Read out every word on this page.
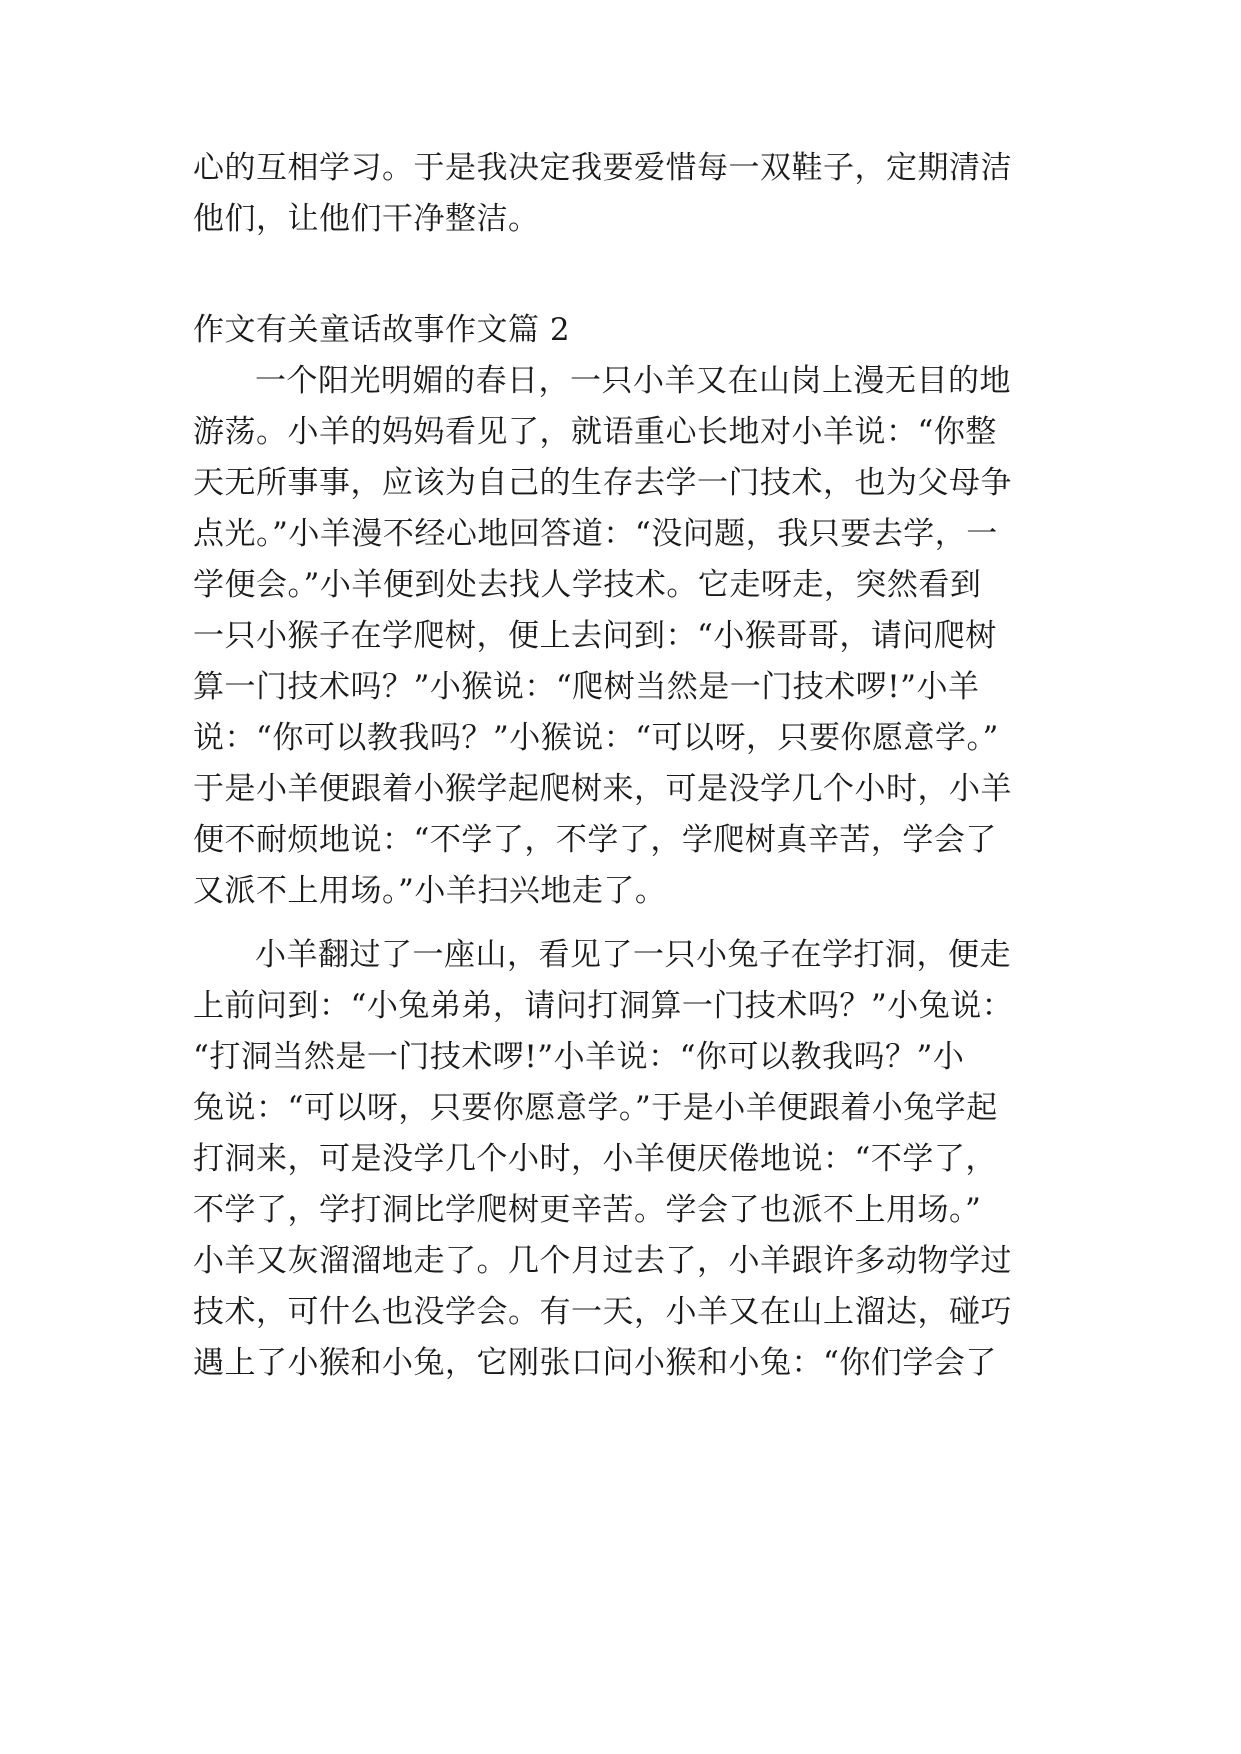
心的互相学习。于是我决定我要爱惜每一双鞋子，定期清洁
他们，让他们干净整洁。
作文有关童话故事作文篇 2
一个阳光明媚的春日，一只小羊又在山岗上漫无目的地
游荡。小羊的妈妈看见了，就语重心长地对小羊说：“你整
天无所事事，应该为自己的生存去学一门技术，也为父母争
点光。”小羊漫不经心地回答道：“没问题，我只要去学，一
学便会。”小羊便到处去找人学技术。它走呀走，突然看到
一只小猴子在学爬树，便上去问到：“小猴哥哥，请问爬树
算一门技术吗？”小猴说：“爬树当然是一门技术啰!”小羊
说：“你可以教我吗？”小猴说：“可以呀，只要你愿意学。”
于是小羊便跟着小猴学起爬树来，可是没学几个小时，小羊
便不耐烦地说：“不学了，不学了，学爬树真辛苦，学会了
又派不上用场。”小羊扫兴地走了。
小羊翻过了一座山，看见了一只小兔子在学打洞，便走
上前问到：“小兔弟弟，请问打洞算一门技术吗？”小兔说：
“打洞当然是一门技术啰!”小羊说：“你可以教我吗？”小
兔说：“可以呀，只要你愿意学。”于是小羊便跟着小兔学起
打洞来，可是没学几个小时，小羊便厌倦地说：“不学了，
不学了，学打洞比学爬树更辛苦。学会了也派不上用场。”
小羊又灰溜溜地走了。几个月过去了，小羊跟许多动物学过
技术，可什么也没学会。有一天，小羊又在山上溜达，碰巧
遇上了小猴和小兔，它刚张口问小猴和小兔：“你们学会了
